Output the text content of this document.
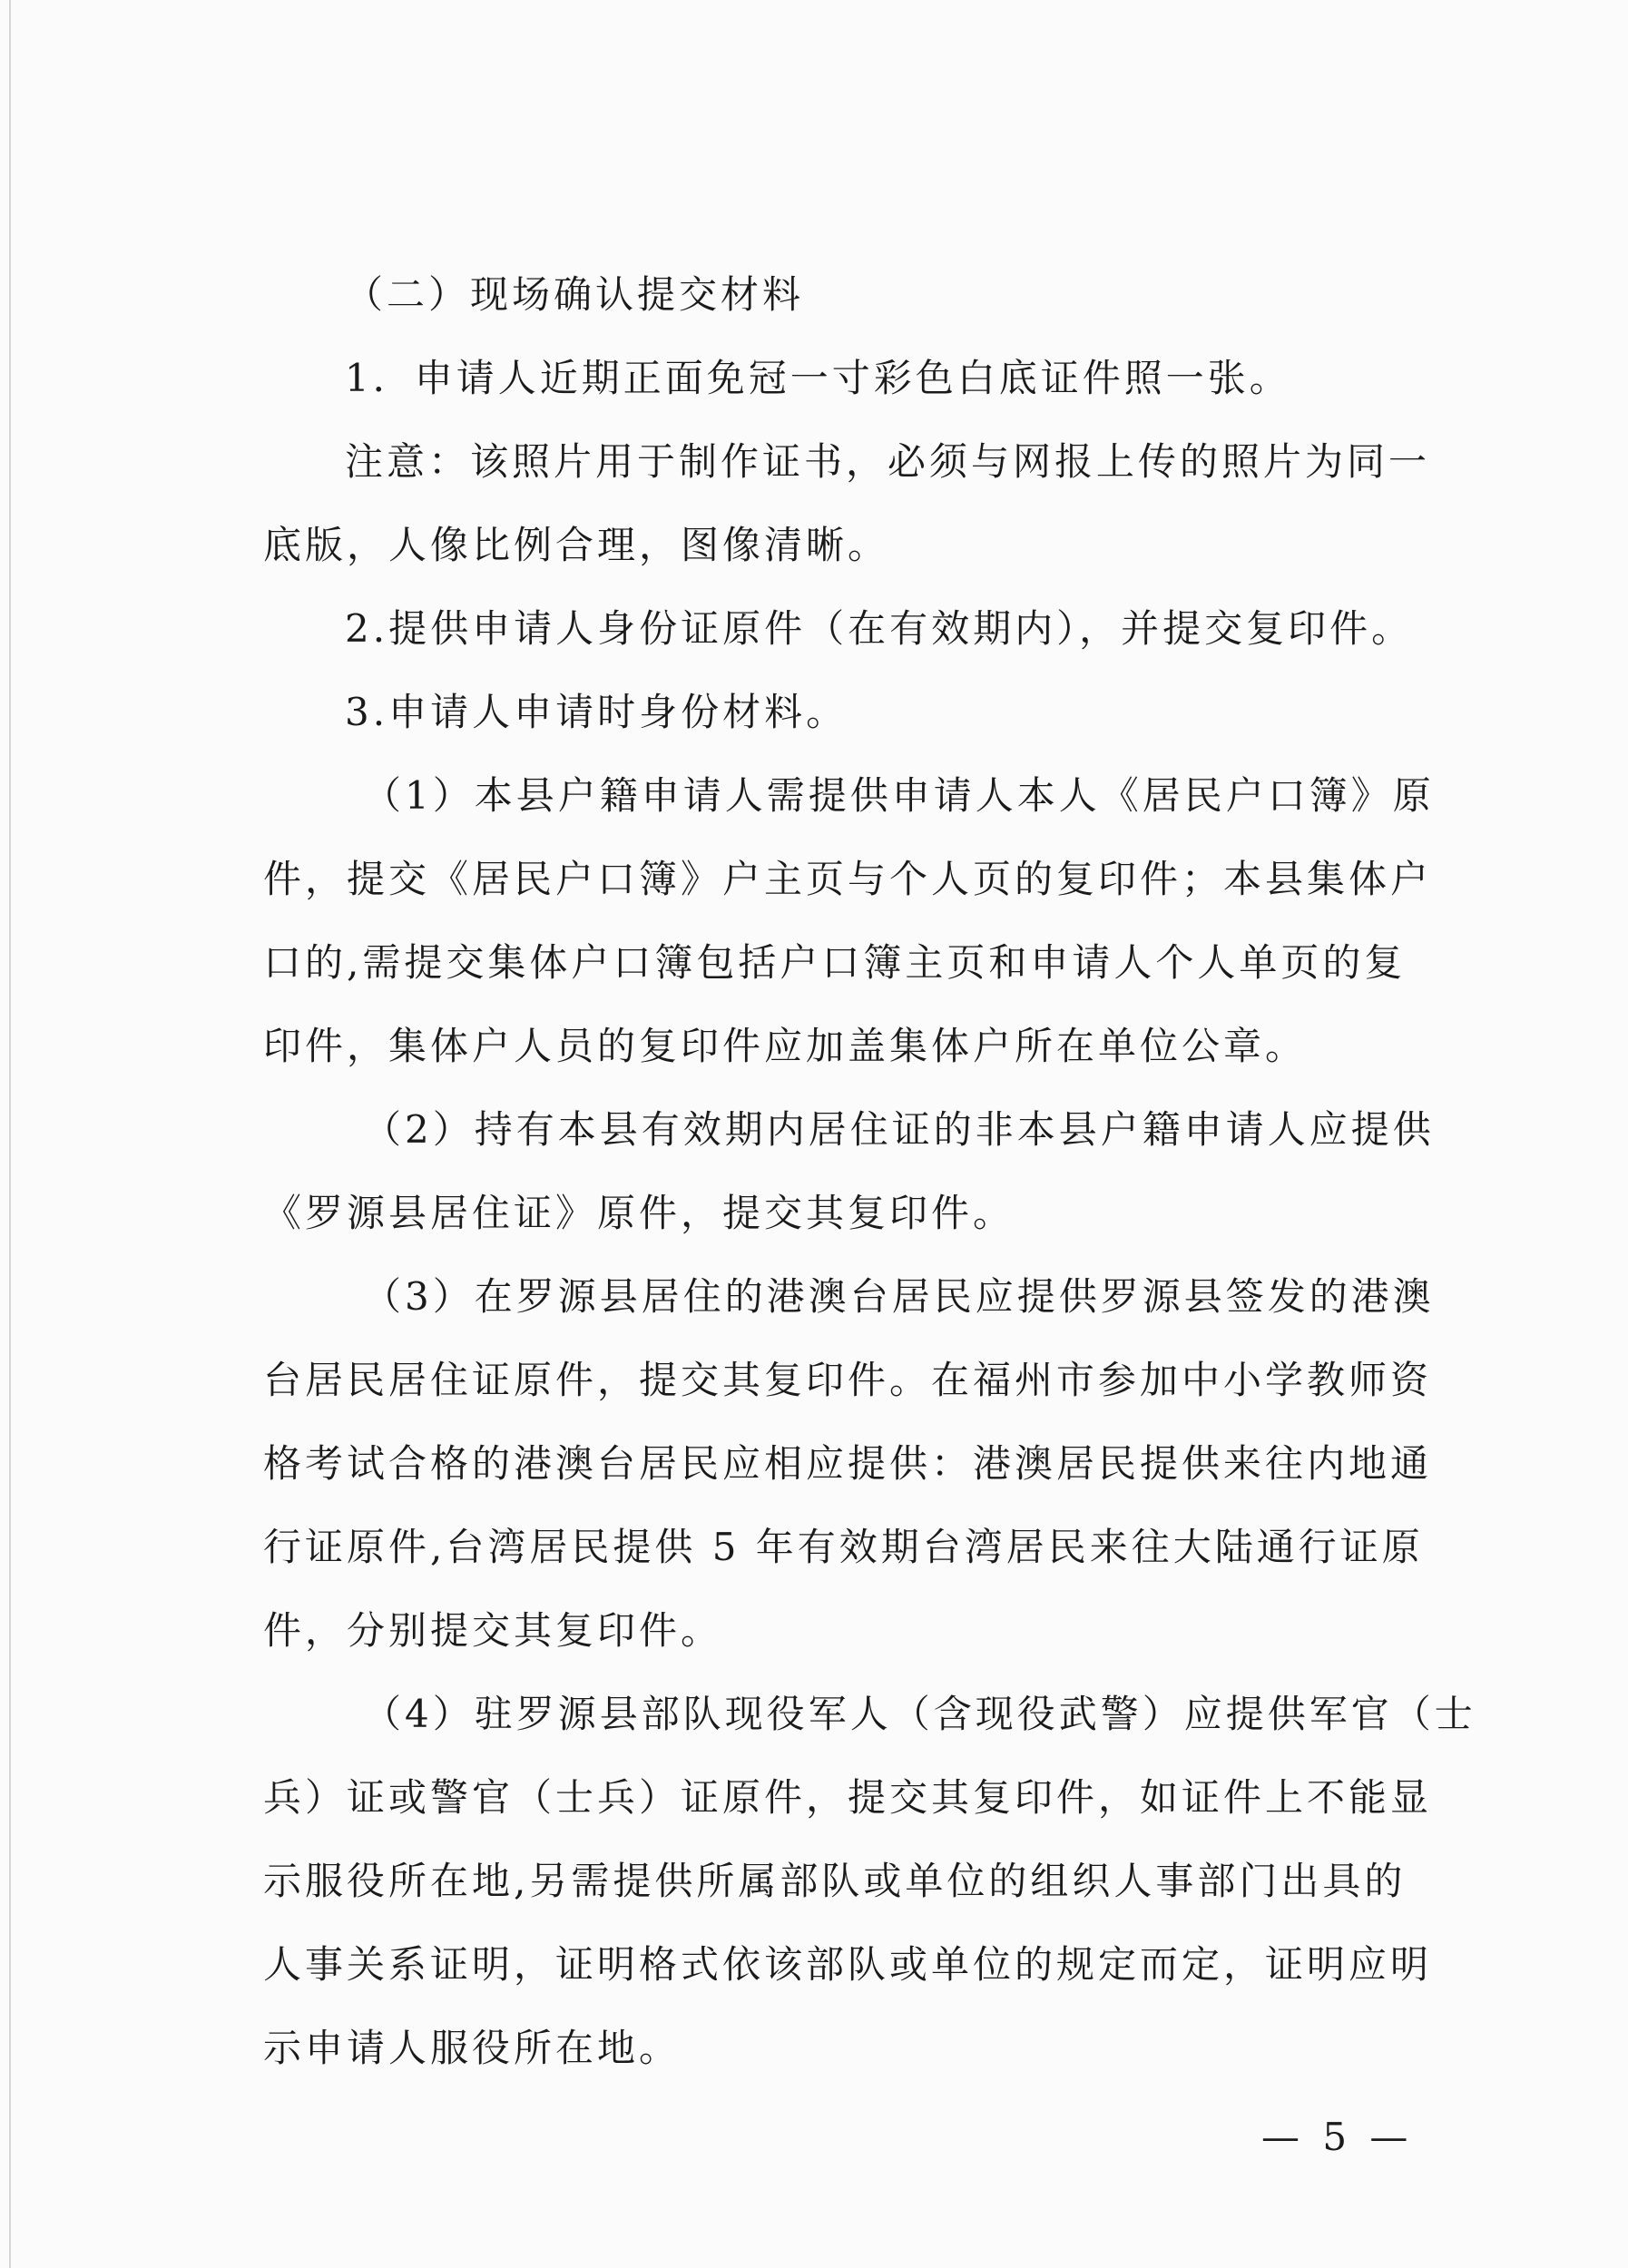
（二）现场确认提交材料
1．申请人近期正面免冠一寸彩色白底证件照一张。
注意：该照片用于制作证书，必须与网报上传的照片为同一
底版，人像比例合理，图像清晰。
2.提供申请人身份证原件（在有效期内），并提交复印件。
3.申请人申请时身份材料。
（1）本县户籍申请人需提供申请人本人《居民户口簿》原
件，提交《居民户口簿》户主页与个人页的复印件；本县集体户
口的,需提交集体户口簿包括户口簿主页和申请人个人单页的复
印件，集体户人员的复印件应加盖集体户所在单位公章。
（2）持有本县有效期内居住证的非本县户籍申请人应提供
《罗源县居住证》原件，提交其复印件。
（3）在罗源县居住的港澳台居民应提供罗源县签发的港澳
台居民居住证原件，提交其复印件。在福州市参加中小学教师资
格考试合格的港澳台居民应相应提供：港澳居民提供来往内地通
行证原件,台湾居民提供 5 年有效期台湾居民来往大陆通行证原
件，分别提交其复印件。
（4）驻罗源县部队现役军人（含现役武警）应提供军官（士
兵）证或警官（士兵）证原件，提交其复印件，如证件上不能显
示服役所在地,另需提供所属部队或单位的组织人事部门出具的
人事关系证明，证明格式依该部队或单位的规定而定，证明应明
示申请人服役所在地。
— 5 —
